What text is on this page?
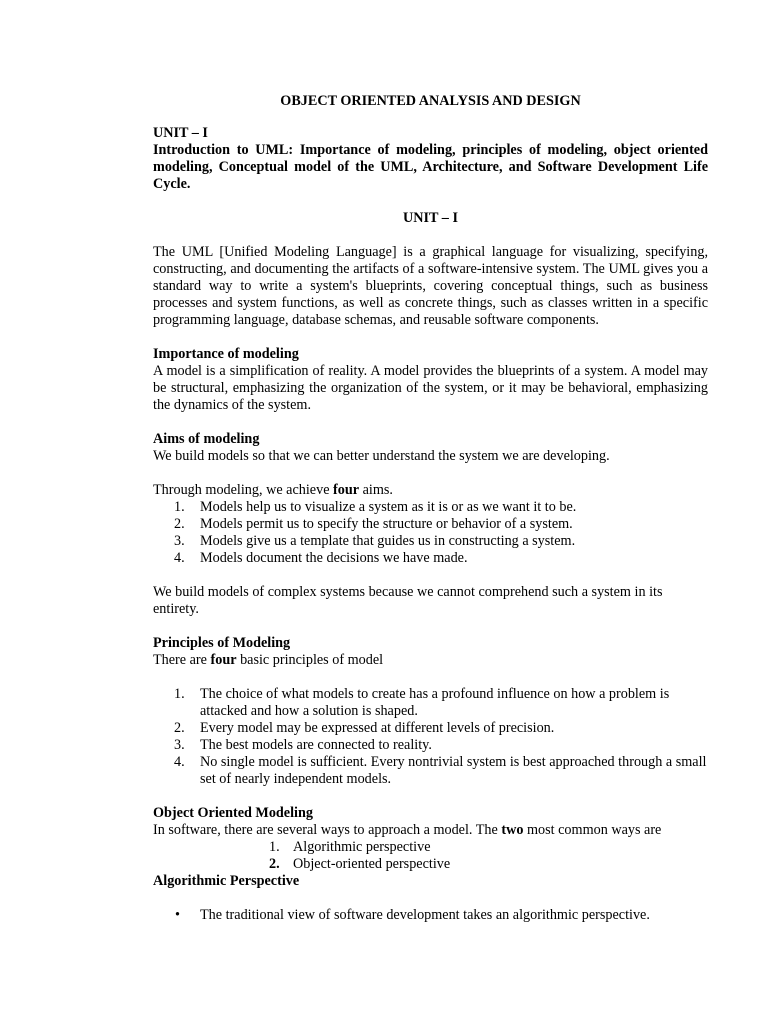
OBJECT ORIENTED ANALYSIS AND DESIGN
UNIT – I
Introduction to UML: Importance of modeling, principles of modeling, object oriented modeling, Conceptual model of the UML, Architecture, and Software Development Life Cycle.
UNIT – I

The UML [Unified Modeling Language] is a graphical language for visualizing, specifying, constructing, and documenting the artifacts of a software-intensive system. The UML gives you a standard way to write a system's blueprints, covering conceptual things, such as business processes and system functions, as well as concrete things, such as classes written in a specific programming language, database schemas, and reusable software components.

Importance of modeling

A model is a simplification of reality. A model provides the blueprints of a system. A model may be structural, emphasizing the organization of the system, or it may be behavioral, emphasizing the dynamics of the system.

Aims of modeling

We build models so that we can better understand the system we are developing.

Through modeling, we achieve four aims.

1.	Models help us to visualize a system as it is or as we want it to be.
2.	Models permit us to specify the structure or behavior of a system.
3.	Models give us a template that guides us in constructing a system.
4.	Models document the decisions we have made.

We build models of complex systems because we cannot comprehend such a system in its entirety.

Principles of Modeling

There are four basic principles of model

1.	The choice of what models to create has a profound influence on how a problem is attacked and how a solution is shaped.
2.	Every model may be expressed at different levels of precision.
3.	The best models are connected to reality.
4.	No single model is sufficient. Every nontrivial system is best approached through a small set of nearly independent models.
Object Oriented Modeling

In software, there are several ways to approach a model. The two most common ways are

1. Algorithmic perspective
2. Object-oriented perspective
Algorithmic Perspective
• The traditional view of software development takes an algorithmic perspective.
